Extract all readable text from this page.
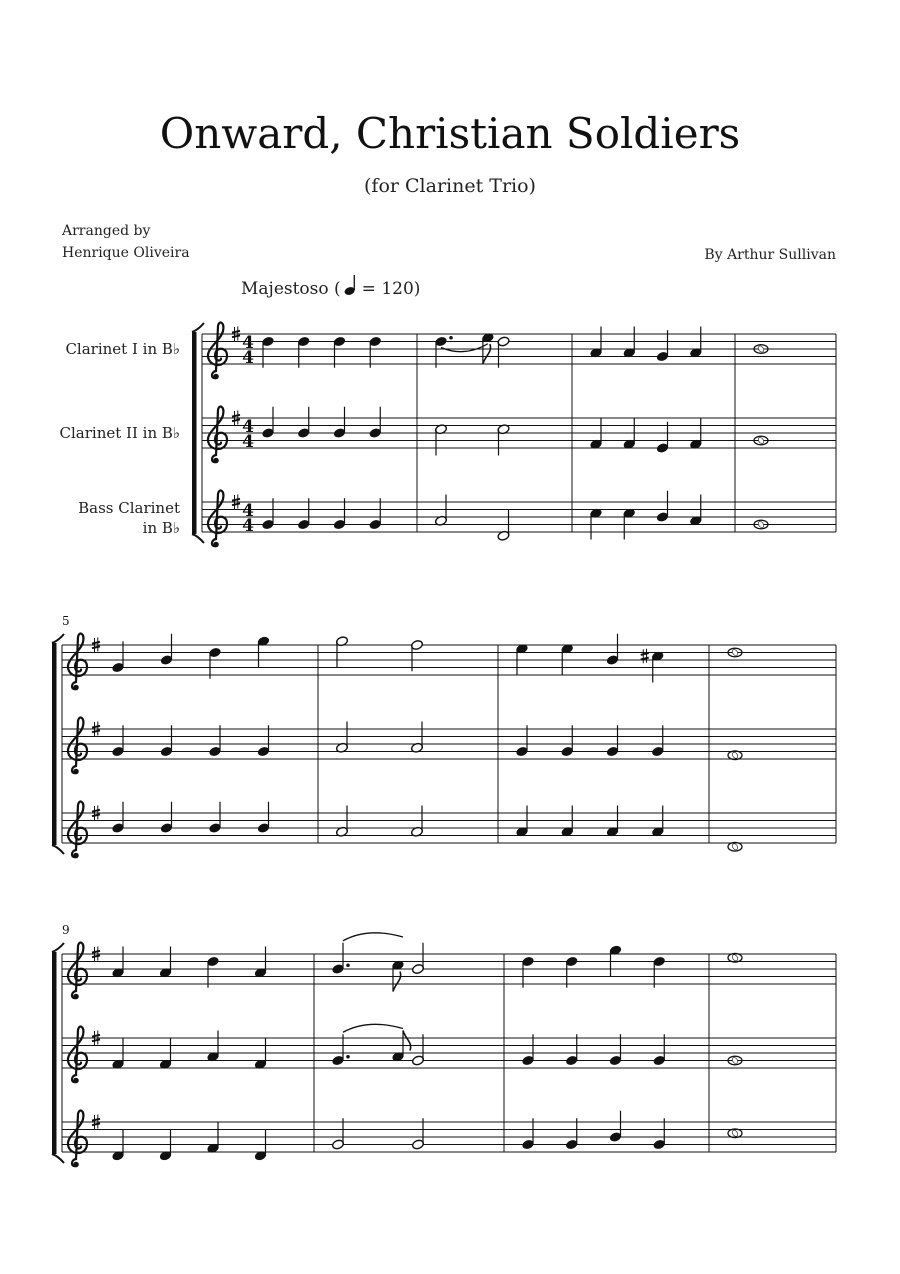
Onward, Christian Soldiers
(for Clarinet Trio)
Arranged by
Henrique Oliveira	By Arthur Sullivan
Majestoso ( = 120)
4
4
Clarinet I in B♭
4
4
Clarinet II in B♭
4
4
Bass Clarinet
in B♭
5
9
